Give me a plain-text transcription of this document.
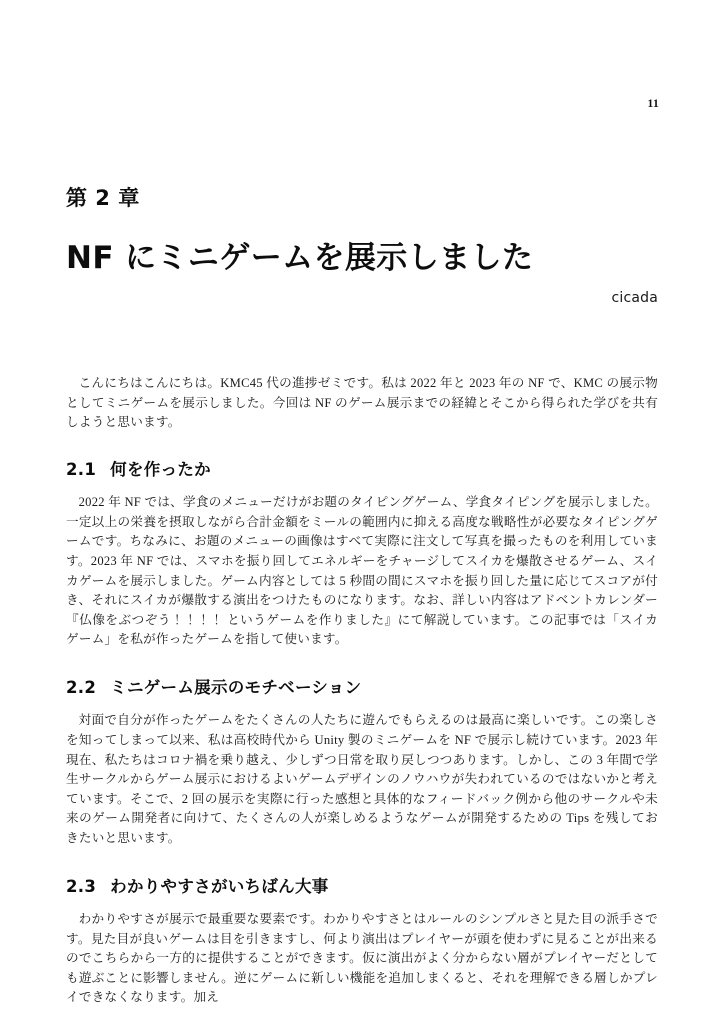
11
第 2 章
NF にミニゲームを展示しました
cicada

こんにちはこんにちは。KMC45 代の進捗ゼミです。私は 2022 年と 2023 年の NF で、KMC の展示物としてミニゲームを展示しました。今回は NF のゲーム展示までの経緯とそこから得られた学びを共有しようと思います。

2.1 何を作ったか

2022 年 NF では、学食のメニューだけがお題のタイピングゲーム、学食タイピングを展示しました。一定以上の栄養を摂取しながら合計金額をミールの範囲内に抑える高度な戦略性が必要なタイピングゲームです。ちなみに、お題のメニューの画像はすべて実際に注文して写真を撮ったものを利用しています。2023 年 NF では、スマホを振り回してエネルギーをチャージしてスイカを爆散させるゲーム、スイカゲームを展示しました。ゲーム内容としては 5 秒間の間にスマホを振り回した量に応じてスコアが付き、それにスイカが爆散する演出をつけたものになります。なお、詳しい内容はアドベントカレンダー『仏像をぶつぞう！！！！ というゲームを作りました』にて解説しています。この記事では「スイカゲーム」を私が作ったゲームを指して使います。

2.2 ミニゲーム展示のモチベーション

対面で自分が作ったゲームをたくさんの人たちに遊んでもらえるのは最高に楽しいです。この楽しさを知ってしまって以来、私は高校時代から Unity 製のミニゲームを NF で展示し続けています。2023 年現在、私たちはコロナ禍を乗り越え、少しずつ日常を取り戻しつつあります。しかし、この 3 年間で学生サークルからゲーム展示におけるよいゲームデザインのノウハウが失われているのではないかと考えています。そこで、2 回の展示を実際に行った感想と具体的なフィードバック例から他のサークルや未来のゲーム開発者に向けて、たくさんの人が楽しめるようなゲームが開発するための Tips を残しておきたいと思います。

2.3 わかりやすさがいちばん大事

わかりやすさが展示で最重要な要素です。わかりやすさとはルールのシンプルさと見た目の派手さです。見た目が良いゲームは目を引きますし、何より演出はプレイヤーが頭を使わずに見ることが出来るのでこちらから一方的に提供することができます。仮に演出がよく分からない層がプレイヤーだとしても遊ぶことに影響しません。逆にゲームに新しい機能を追加しまくると、それを理解できる層しかプレイできなくなります。加え
